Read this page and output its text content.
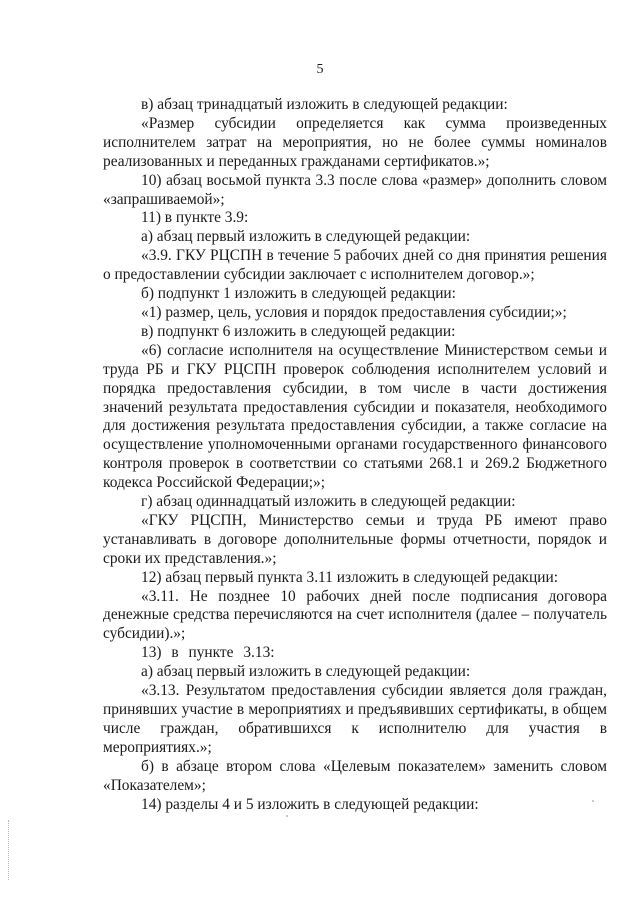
5

в) абзац тринадцатый изложить в следующей редакции:

«Размер субсидии определяется как сумма произведенных исполнителем затрат на мероприятия, но не более суммы номиналов реализованных и переданных гражданами сертификатов.»;

10) абзац восьмой пункта 3.3 после слова «размер» дополнить словом «запрашиваемой»;

11) в пункте 3.9:

а) абзац первый изложить в следующей редакции:

«3.9. ГКУ РЦСПН в течение 5 рабочих дней со дня принятия решения о предоставлении субсидии заключает с исполнителем договор.»;

б) подпункт 1 изложить в следующей редакции:

«1) размер, цель, условия и порядок предоставления субсидии;»;

в) подпункт 6 изложить в следующей редакции:

«6) согласие исполнителя на осуществление Министерством семьи и труда РБ и ГКУ РЦСПН проверок соблюдения исполнителем условий и порядка предоставления субсидии, в том числе в части достижения значений результата предоставления субсидии и показателя, необходимого для достижения результата предоставления субсидии, а также согласие на осуществление уполномоченными органами государственного финансового контроля проверок в соответствии со статьями 268.1 и 269.2 Бюджетного кодекса Российской Федерации;»;

г) абзац одиннадцатый изложить в следующей редакции:

«ГКУ РЦСПН, Министерство семьи и труда РБ имеют право устанавливать в договоре дополнительные формы отчетности, порядок и сроки их представления.»;

12) абзац первый пункта 3.11 изложить в следующей редакции:

«3.11. Не позднее 10 рабочих дней после подписания договора денежные средства перечисляются на счет исполнителя (далее – получатель субсидии).»;

13) в пункте 3.13:

а) абзац первый изложить в следующей редакции:

«3.13. Результатом предоставления субсидии является доля граждан, принявших участие в мероприятиях и предъявивших сертификаты, в общем числе граждан, обратившихся к исполнителю для участия в мероприятиях.»;

б) в абзаце втором слова «Целевым показателем» заменить словом «Показателем»;

14) разделы 4 и 5 изложить в следующей редакции:
